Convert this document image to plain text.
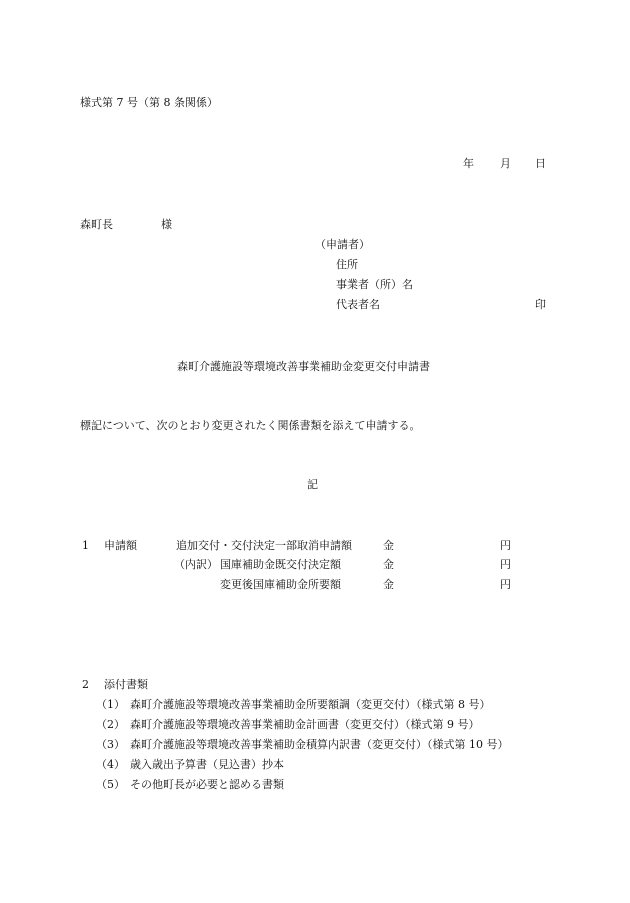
様式第 7 号（第 8 条関係）
年 月 日
森町長	様
（申請者）
住所
事業者（所）名
代表者名	印
森町介護施設等環境改善事業補助金変更交付申請書
標記について、次のとおり変更されたく関係書類を添えて申請する。
記
1 申請額	追加交付・交付決定一部取消申請額	金	円
（内訳） 国庫補助金既交付決定額	金	円
変更後国庫補助金所要額	金	円
2 添付書類
（1） 森町介護施設等環境改善事業補助金所要額調（変更交付）（様式第 8 号）
（2） 森町介護施設等環境改善事業補助金計画書（変更交付）（様式第 9 号）
（3） 森町介護施設等環境改善事業補助金積算内訳書（変更交付）（様式第 10 号）
（4） 歳入歳出予算書（見込書）抄本
（5） その他町長が必要と認める書類
